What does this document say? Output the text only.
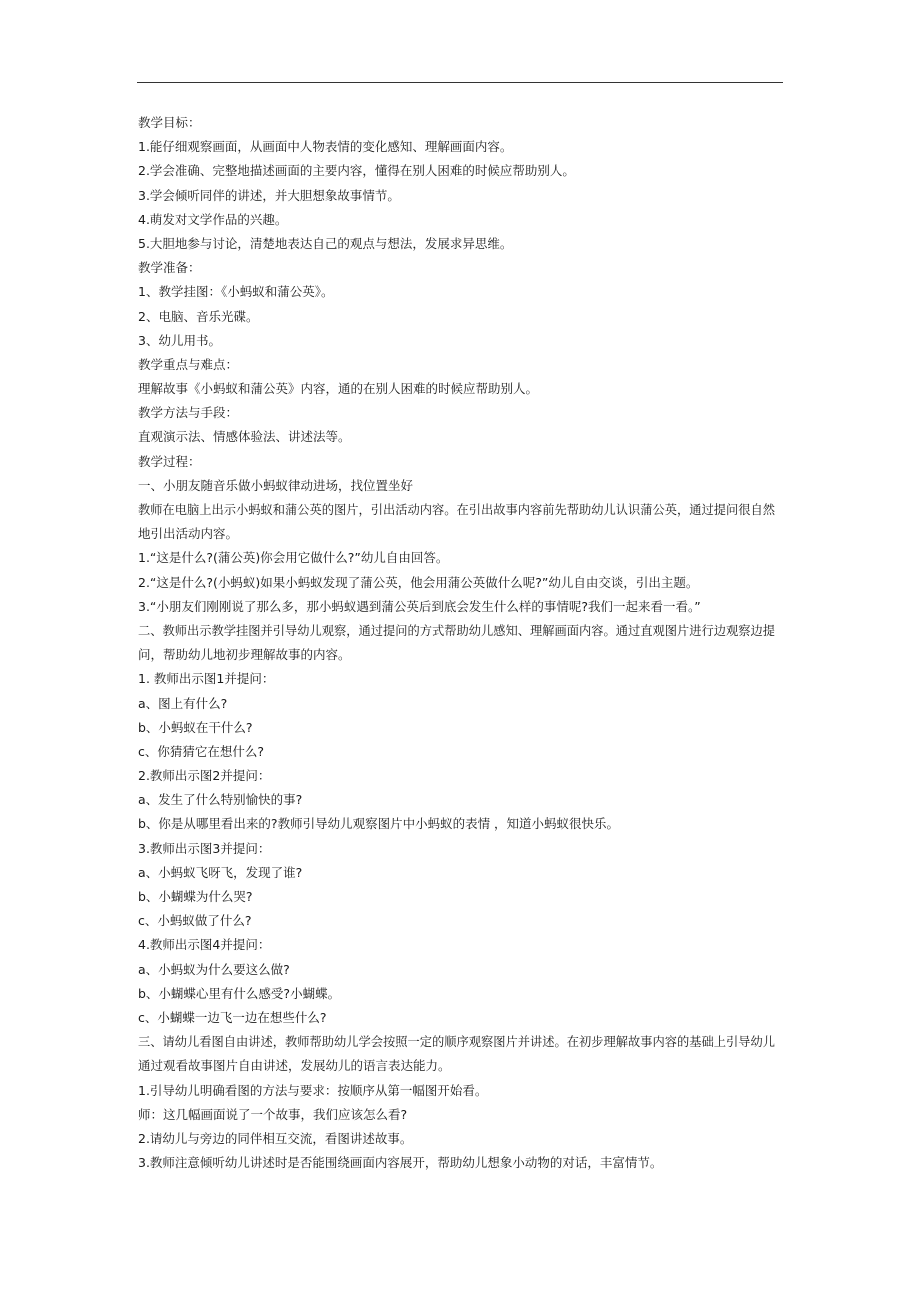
教学目标：
1.能仔细观察画面，从画面中人物表情的变化感知、理解画面内容。
2.学会准确、完整地描述画面的主要内容，懂得在别人困难的时候应帮助别人。
3.学会倾听同伴的讲述，并大胆想象故事情节。
4.萌发对文学作品的兴趣。
5.大胆地参与讨论，清楚地表达自己的观点与想法，发展求异思维。
教学准备：
1、教学挂图：《小蚂蚁和蒲公英》。
2、电脑、音乐光碟。
3、幼儿用书。
教学重点与难点：
理解故事《小蚂蚁和蒲公英》内容，通的在别人困难的时候应帮助别人。
教学方法与手段：
直观演示法、情感体验法、讲述法等。
教学过程：
一、小朋友随音乐做小蚂蚁律动进场，找位置坐好
教师在电脑上出示小蚂蚁和蒲公英的图片，引出活动内容。在引出故事内容前先帮助幼儿认识蒲公英，通过提问很自然
地引出活动内容。
1.“这是什么?(蒲公英)你会用它做什么?”幼儿自由回答。
2.“这是什么?(小蚂蚁)如果小蚂蚁发现了蒲公英，他会用蒲公英做什么呢?”幼儿自由交谈，引出主题。
3.“小朋友们刚刚说了那么多，那小蚂蚁遇到蒲公英后到底会发生什么样的事情呢?我们一起来看一看。”
二、教师出示教学挂图并引导幼儿观察，通过提问的方式帮助幼儿感知、理解画面内容。通过直观图片进行边观察边提
问，帮助幼儿地初步理解故事的内容。
1. 教师出示图1并提问：
a、图上有什么?
b、小蚂蚁在干什么?
c、你猜猜它在想什么?
2.教师出示图2并提问：
a、发生了什么特别愉快的事?
b、你是从哪里看出来的?教师引导幼儿观察图片中小蚂蚁的表情 ，知道小蚂蚁很快乐。
3.教师出示图3并提问：
a、小蚂蚁飞呀飞，发现了谁?
b、小蝴蝶为什么哭?
c、小蚂蚁做了什么?
4.教师出示图4并提问：
a、小蚂蚁为什么要这么做?
b、小蝴蝶心里有什么感受?小蝴蝶。
c、小蝴蝶一边飞一边在想些什么?
三、请幼儿看图自由讲述，教师帮助幼儿学会按照一定的顺序观察图片并讲述。在初步理解故事内容的基础上引导幼儿
通过观看故事图片自由讲述，发展幼儿的语言表达能力。
1.引导幼儿明确看图的方法与要求：按顺序从第一幅图开始看。
师：这几幅画面说了一个故事，我们应该怎么看?
2.请幼儿与旁边的同伴相互交流，看图讲述故事。
3.教师注意倾听幼儿讲述时是否能围绕画面内容展开，帮助幼儿想象小动物的对话，丰富情节。
